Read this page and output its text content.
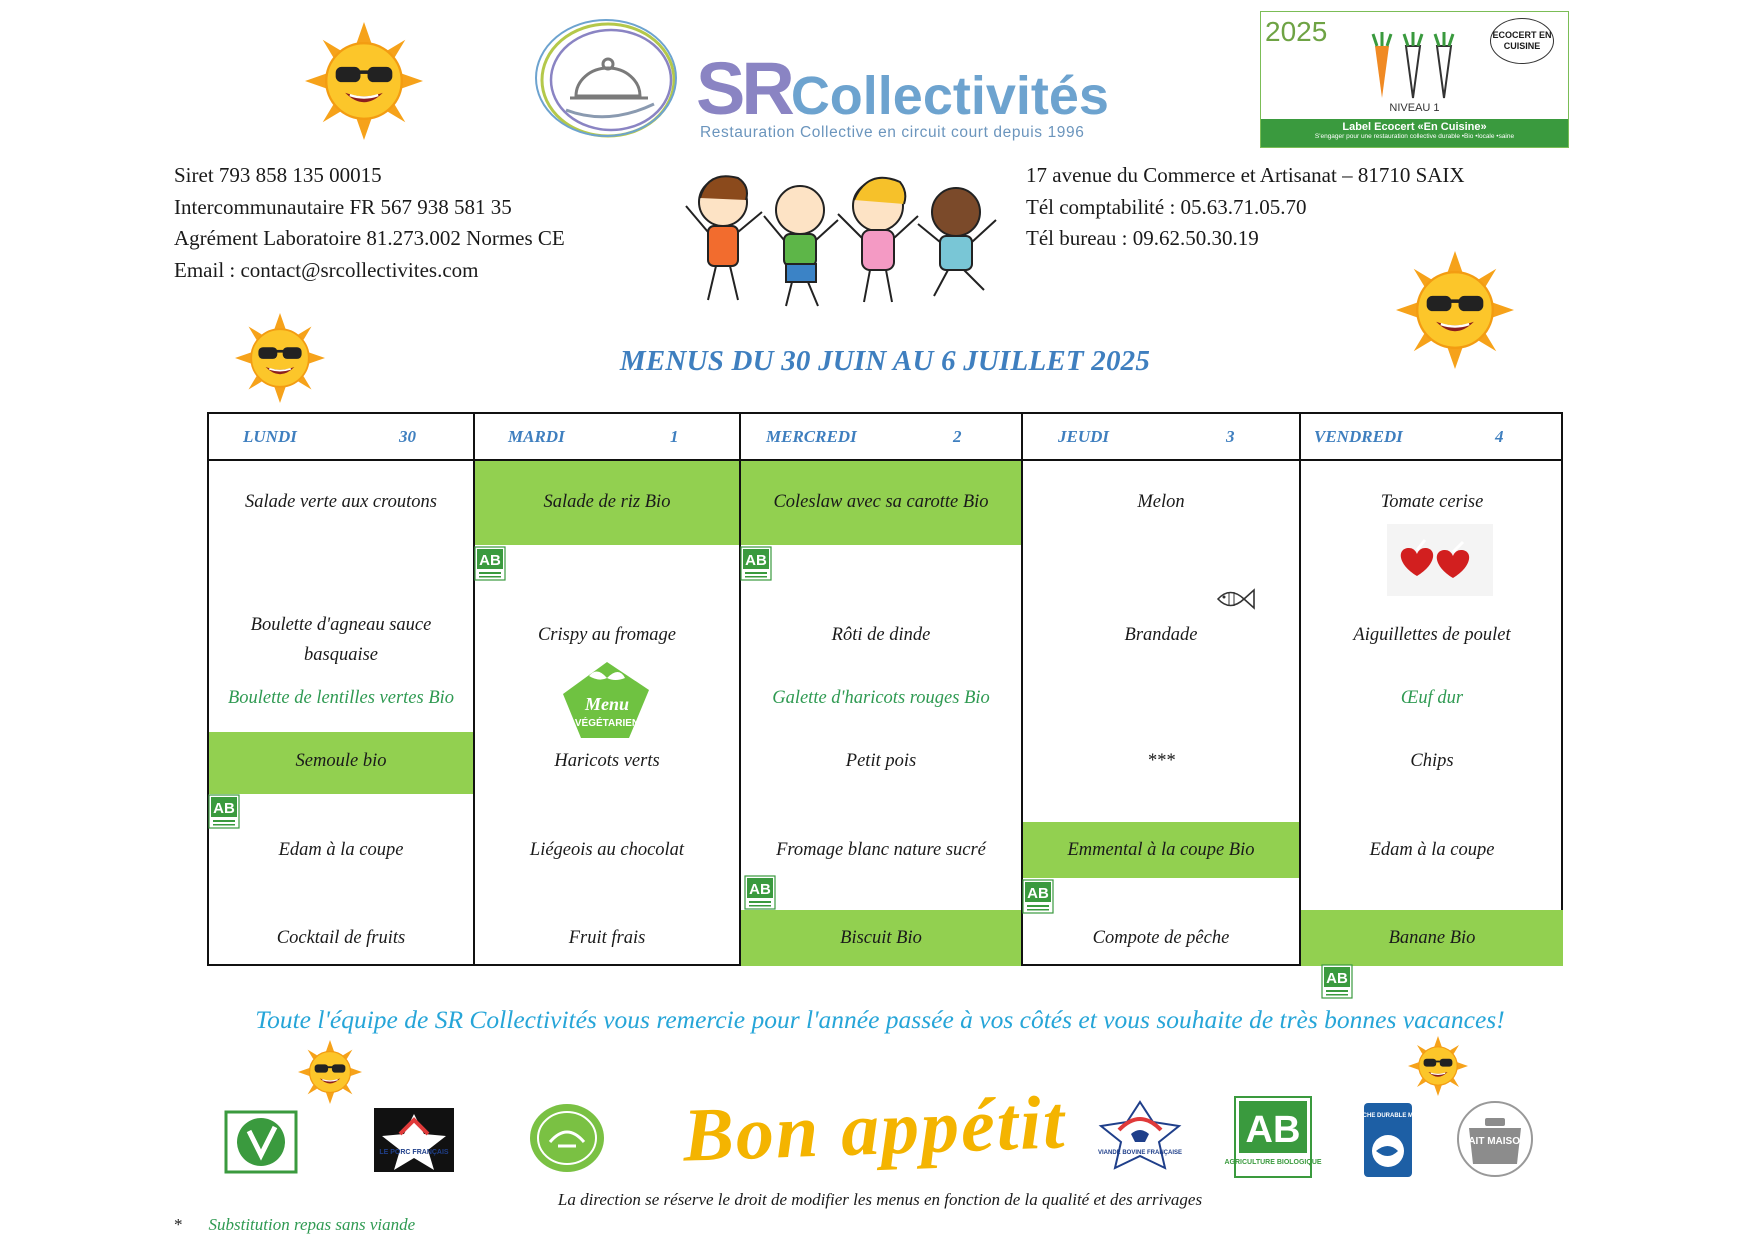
SRCollectivités
Restauration Collective en circuit court depuis 1996
2025	ECOCERT EN CUISINE
NIVEAU 1
Label Ecocert «En Cuisine»
S'engager pour une restauration collective durable •Bio •locale •saine
Siret 793 858 135 00015
Intercommunautaire FR 567 938 581 35
Agrément Laboratoire 81.273.002 Normes CE
Email : contact@srcollectivites.com
17 avenue du Commerce et Artisanat – 81710 SAIX
Tél comptabilité : 05.63.71.05.70
Tél bureau : 09.62.50.30.19
MENUS DU 30 JUIN AU 6 JUILLET 2025
LUNDI	30
Salade verte aux croutons
Boulette d'agneau sauce basquaise
Boulette de lentilles vertes Bio
Semoule bio
Edam à la coupe
Cocktail de fruits
MARDI	1
Salade de riz Bio
Crispy au fromage
Menu
VÉGÉTARIEN
Haricots verts
Liégeois au chocolat
Fruit frais
MERCREDI	2
Coleslaw avec sa carotte Bio
Rôti de dinde
Galette d'haricots rouges Bio
Petit pois
Fromage blanc nature sucré
Biscuit Bio
JEUDI	3
Melon
Brandade
***
Emmental à la coupe Bio
Compote de pêche
VENDREDI	4
Tomate cerise
Aiguillettes de poulet
Œuf dur
Chips
Edam à la coupe
Banane Bio
Toute l'équipe de SR Collectivités vous remercie pour l'année passée à vos côtés et vous souhaite de très bonnes vacances!
LE PORC FRANÇAIS	Bon appétit	VIANDE BOVINE FRANÇAISE
AB
AGRICULTURE BIOLOGIQUE
PÊCHE DURABLE MSC
FAIT MAISON
La direction se réserve le droit de modifier les menus en fonction de la qualité et des arrivages
* Substitution repas sans viande
